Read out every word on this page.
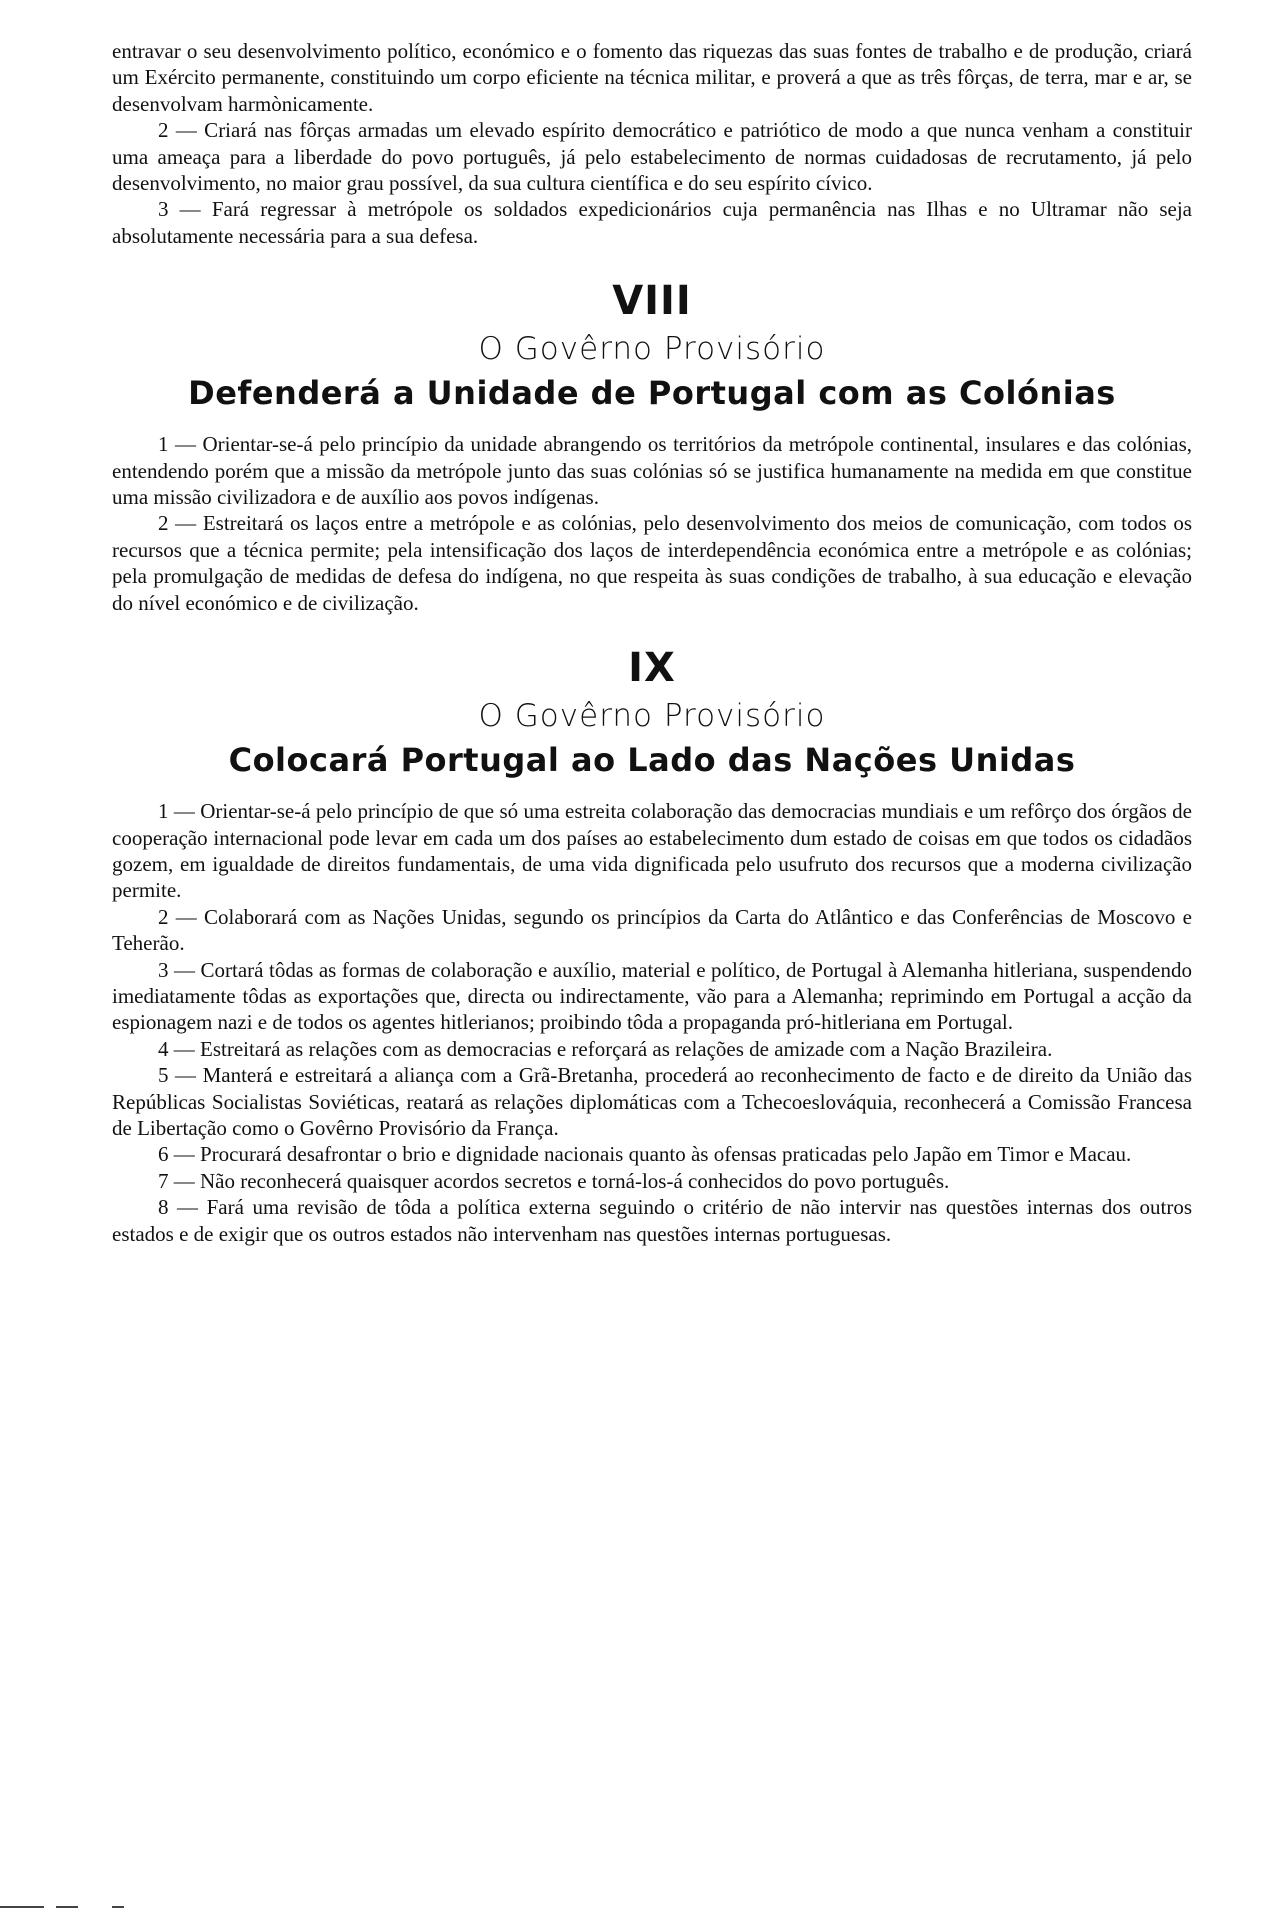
entravar o seu desenvolvimento político, económico e o fomento das riquezas das suas fontes de trabalho e de produção, criará um Exército permanente, constituindo um corpo eficiente na técnica militar, e proverá a que as três fôrças, de terra, mar e ar, se desenvolvam harmònicamente.

2 — Criará nas fôrças armadas um elevado espírito democrático e patriótico de modo a que nunca venham a constituir uma ameaça para a liberdade do povo português, já pelo estabelecimento de normas cuidadosas de recrutamento, já pelo desenvolvimento, no maior grau possível, da sua cultura científica e do seu espírito cívico.

3 — Fará regressar à metrópole os soldados expedicionários cuja permanência nas Ilhas e no Ultramar não seja absolutamente necessária para a sua defesa.

VIII
O Govêrno Provisório
Defenderá a Unidade de Portugal com as Colónias

1 — Orientar-se-á pelo princípio da unidade abrangendo os territórios da metrópole continental, insulares e das colónias, entendendo porém que a missão da metrópole junto das suas colónias só se justifica humanamente na medida em que constitue uma missão civilizadora e de auxílio aos povos indígenas.

2 — Estreitará os laços entre a metrópole e as colónias, pelo desenvolvimento dos meios de comunicação, com todos os recursos que a técnica permite; pela intensificação dos laços de interdependência económica entre a metrópole e as colónias; pela promulgação de medidas de defesa do indígena, no que respeita às suas condições de trabalho, à sua educação e elevação do nível económico e de civilização.

IX
O Govêrno Provisório
Colocará Portugal ao Lado das Nações Unidas

1 — Orientar-se-á pelo princípio de que só uma estreita colaboração das democracias mundiais e um refôrço dos órgãos de cooperação internacional pode levar em cada um dos países ao estabelecimento dum estado de coisas em que todos os cidadãos gozem, em igualdade de direitos fundamentais, de uma vida dignificada pelo usufruto dos recursos que a moderna civilização permite.

2 — Colaborará com as Nações Unidas, segundo os princípios da Carta do Atlântico e das Conferências de Moscovo e Teherão.

3 — Cortará tôdas as formas de colaboração e auxílio, material e político, de Portugal à Alemanha hitleriana, suspendendo imediatamente tôdas as exportações que, directa ou indirectamente, vão para a Alemanha; reprimindo em Portugal a acção da espionagem nazi e de todos os agentes hitlerianos; proibindo tôda a propaganda pró-hitleriana em Portugal.

4 — Estreitará as relações com as democracias e reforçará as relações de amizade com a Nação Brazileira.

5 — Manterá e estreitará a aliança com a Grã-Bretanha, procederá ao reconhecimento de facto e de direito da União das Repúblicas Socialistas Soviéticas, reatará as relações diplomáticas com a Tchecoeslováquia, reconhecerá a Comissão Francesa de Libertação como o Govêrno Provisório da França.

6 — Procurará desafrontar o brio e dignidade nacionais quanto às ofensas praticadas pelo Japão em Timor e Macau.

7 — Não reconhecerá quaisquer acordos secretos e torná-los-á conhecidos do povo português.

8 — Fará uma revisão de tôda a política externa seguindo o critério de não intervir nas questões internas dos outros estados e de exigir que os outros estados não intervenham nas questões internas portuguesas.
